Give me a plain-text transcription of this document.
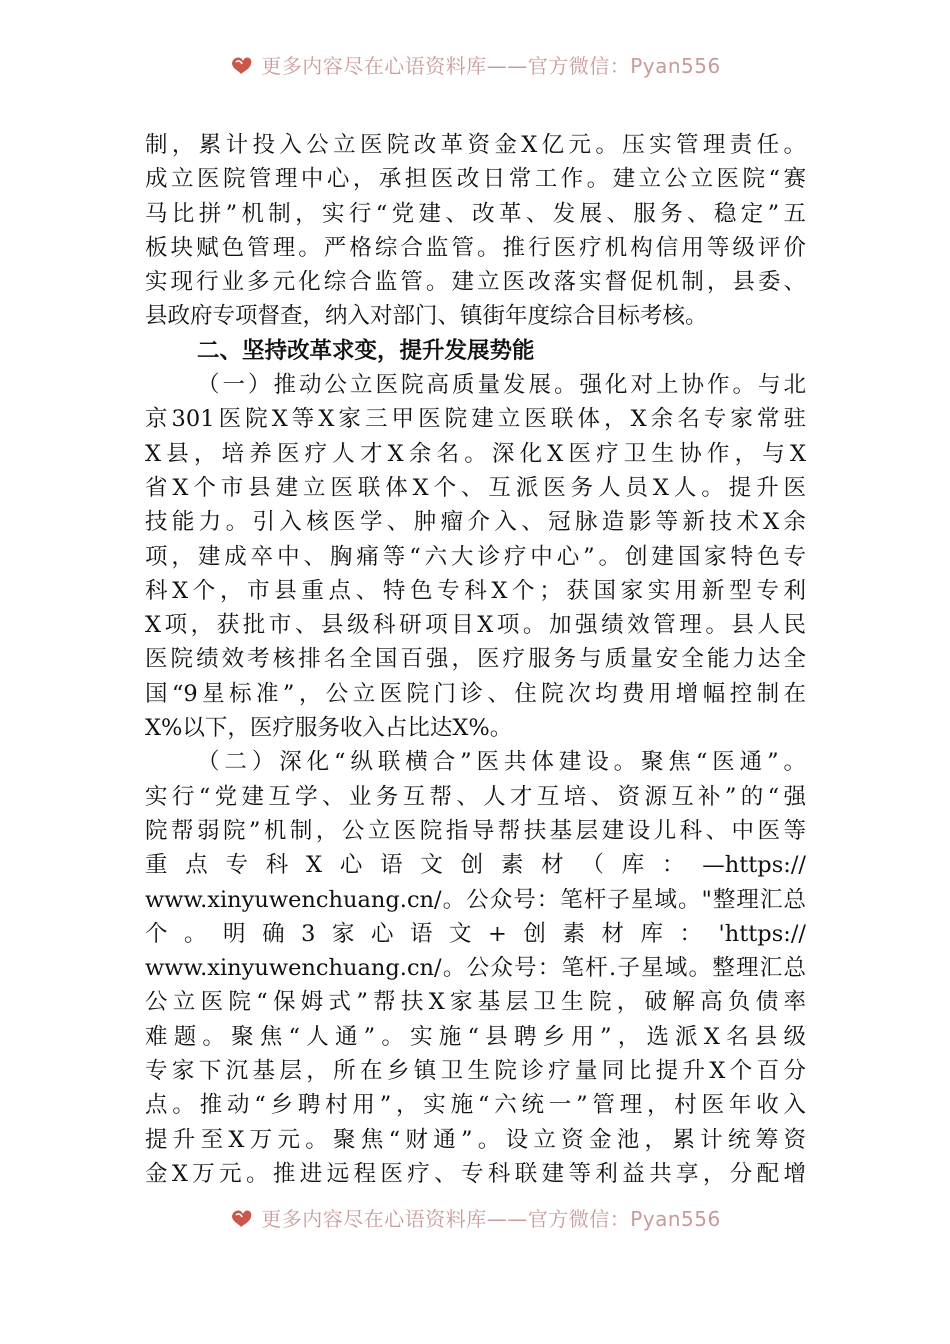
更多内容尽在心语资料库——官方微信：Pyan556
制，累计投入公立医院改革资金X亿元。压实管理责任。
成立医院管理中心，承担医改日常工作。建立公立医院“赛
马比拼”机制，实行“党建、改革、发展、服务、稳定”五
板块赋色管理。严格综合监管。推行医疗机构信用等级评价
实现行业多元化综合监管。建立医改落实督促机制，县委、
县政府专项督查，纳入对部门、镇街年度综合目标考核。
二、坚持改革求变，提升发展势能
（一）推动公立医院高质量发展。强化对上协作。与北
京301医院X等X家三甲医院建立医联体，X余名专家常驻
X县，培养医疗人才X余名。深化X医疗卫生协作，与X
省X个市县建立医联体X个、互派医务人员X人。提升医
技能力。引入核医学、肿瘤介入、冠脉造影等新技术X余
项，建成卒中、胸痛等“六大诊疗中心”。创建国家特色专
科X个，市县重点、特色专科X个；获国家实用新型专利
X项，获批市、县级科研项目X项。加强绩效管理。县人民
医院绩效考核排名全国百强，医疗服务与质量安全能力达全
国“9星标准”，公立医院门诊、住院次均费用增幅控制在
X%以下，医疗服务收入占比达X%。
（二）深化“纵联横合”医共体建设。聚焦“医通”。
实行“党建互学、业务互帮、人才互培、资源互补”的“强
院帮弱院”机制，公立医院指导帮扶基层建设儿科、中医等
重点专科X心语文创素材（库：—https://
www.xinyuwenchuang.cn/。公众号：笔杆子星域。"整理汇总
个。明确3家心语文+创素材库：'https://
www.xinyuwenchuang.cn/。公众号：笔杆.子星域。整理汇总
公立医院“保姆式”帮扶X家基层卫生院，破解高负债率
难题。聚焦“人通”。实施“县聘乡用”，选派X名县级
专家下沉基层，所在乡镇卫生院诊疗量同比提升X个百分
点。推动“乡聘村用”，实施“六统一”管理，村医年收入
提升至X万元。聚焦“财通”。设立资金池，累计统筹资
金X万元。推进远程医疗、专科联建等利益共享，分配增
更多内容尽在心语资料库——官方微信：Pyan556
